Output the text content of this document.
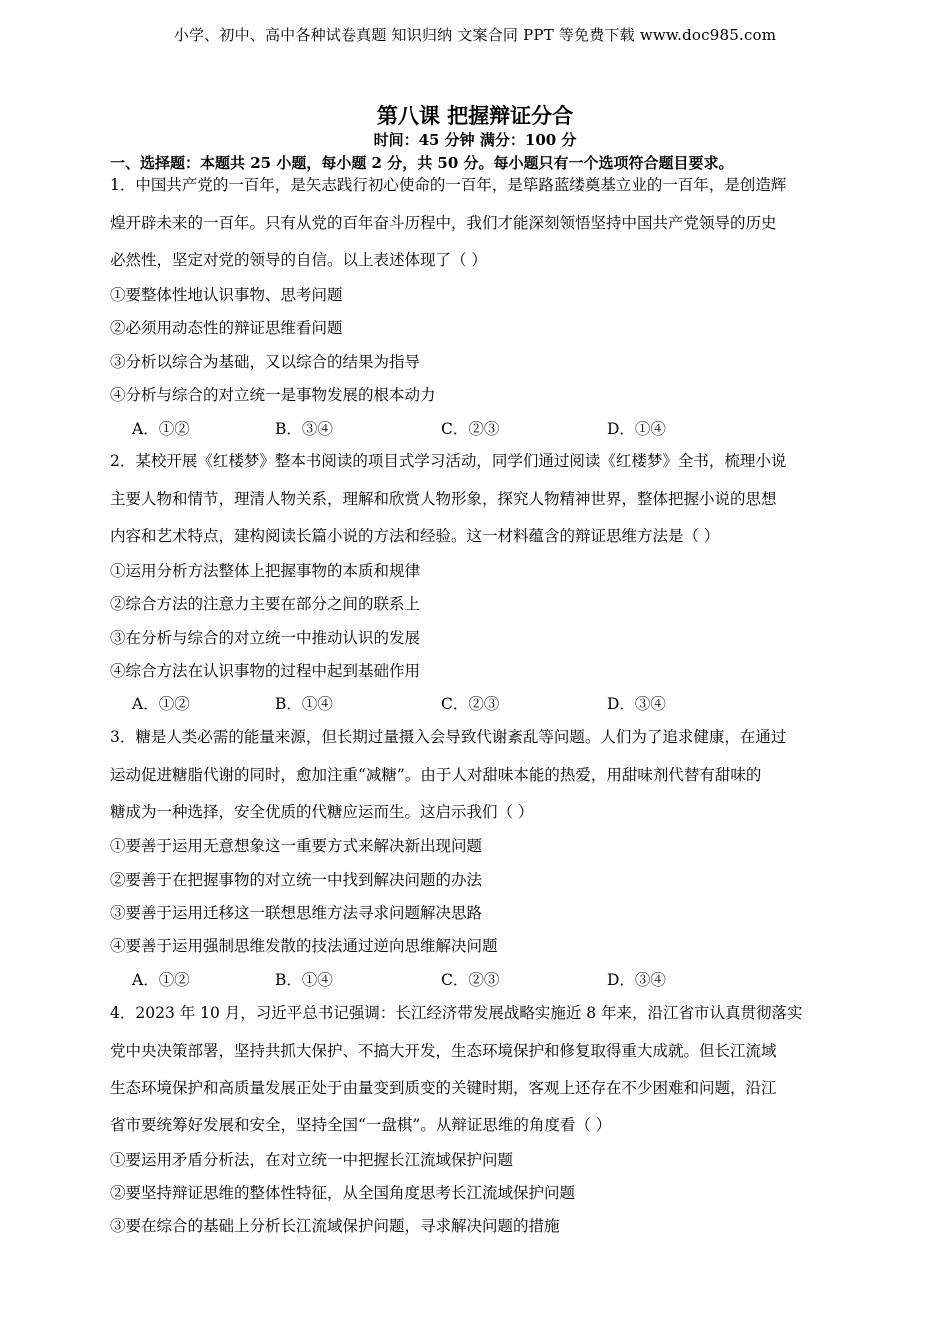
小学、初中、高中各种试卷真题 知识归纳 文案合同 PPT 等免费下载 www.doc985.com
第八课 把握辩证分合
时间：45 分钟 满分：100 分
一、选择题：本题共 25 小题，每小题 2 分，共 50 分。每小题只有一个选项符合题目要求。
1．中国共产党的一百年，是矢志践行初心使命的一百年，是筚路蓝缕奠基立业的一百年，是创造辉
煌开辟未来的一百年。只有从党的百年奋斗历程中，我们才能深刻领悟坚持中国共产党领导的历史
必然性，坚定对党的领导的自信。以上表述体现了（ ）
①要整体性地认识事物、思考问题
②必须用动态性的辩证思维看问题
③分析以综合为基础，又以综合的结果为指导
④分析与综合的对立统一是事物发展的根本动力
A．①②	B．③④	C．②③	D．①④
2．某校开展《红楼梦》整本书阅读的项目式学习活动，同学们通过阅读《红楼梦》全书，梳理小说
主要人物和情节，理清人物关系，理解和欣赏人物形象，探究人物精神世界，整体把握小说的思想
内容和艺术特点，建构阅读长篇小说的方法和经验。这一材料蕴含的辩证思维方法是（ ）
①运用分析方法整体上把握事物的本质和规律
②综合方法的注意力主要在部分之间的联系上
③在分析与综合的对立统一中推动认识的发展
④综合方法在认识事物的过程中起到基础作用
A．①②	B．①④	C．②③	D．③④
3．糖是人类必需的能量来源，但长期过量摄入会导致代谢紊乱等问题。人们为了追求健康，在通过
运动促进糖脂代谢的同时，愈加注重“减糖”。由于人对甜味本能的热爱，用甜味剂代替有甜味的
糖成为一种选择，安全优质的代糖应运而生。这启示我们（ ）
①要善于运用无意想象这一重要方式来解决新出现问题
②要善于在把握事物的对立统一中找到解决问题的办法
③要善于运用迁移这一联想思维方法寻求问题解决思路
④要善于运用强制思维发散的技法通过逆向思维解决问题
A．①②	B．①④	C．②③	D．③④
4．2023 年 10 月，习近平总书记强调：长江经济带发展战略实施近 8 年来，沿江省市认真贯彻落实
党中央决策部署，坚持共抓大保护、不搞大开发，生态环境保护和修复取得重大成就。但长江流域
生态环境保护和高质量发展正处于由量变到质变的关键时期，客观上还存在不少困难和问题，沿江
省市要统筹好发展和安全，坚持全国“一盘棋”。从辩证思维的角度看（ ）
①要运用矛盾分析法，在对立统一中把握长江流域保护问题
②要坚持辩证思维的整体性特征，从全国角度思考长江流域保护问题
③要在综合的基础上分析长江流域保护问题，寻求解决问题的措施
